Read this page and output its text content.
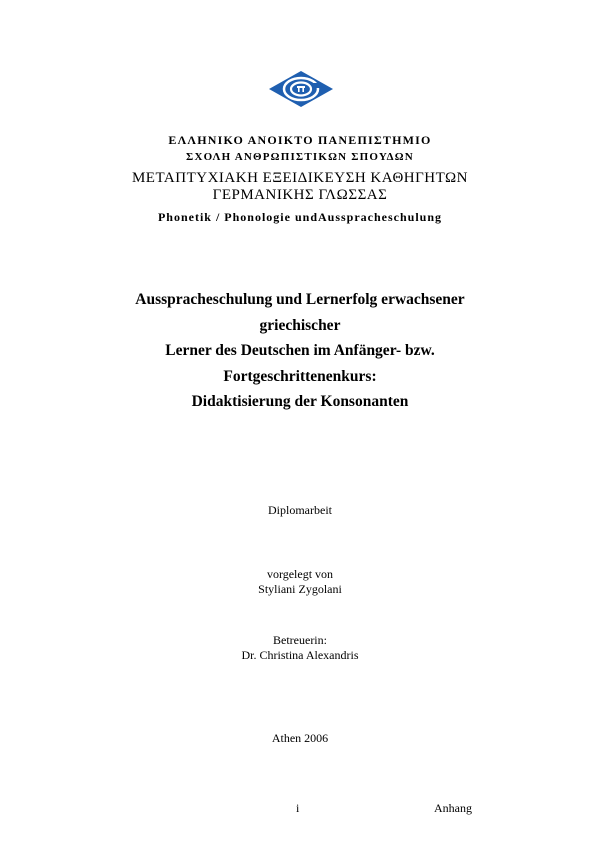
ΕΛΛΗΝΙΚΟ ΑΝΟΙΚΤΟ ΠΑΝΕΠΙΣΤΗΜΙΟ
ΣΧΟΛΗ ΑΝΘΡΩΠΙΣΤΙΚΩΝ ΣΠΟΥΔΩΝ
ΜΕΤΑΠΤΥΧΙΑΚΗ ΕΞΕΙΔΙΚΕΥΣΗ ΚΑΘΗΓΗΤΩΝ
ΓΕΡΜΑΝΙΚΗΣ ΓΛΩΣΣΑΣ
Phonetik / Phonologie undAusspracheschulung
Ausspracheschulung und Lernerfolg erwachsener
griechischer
Lerner des Deutschen im Anfänger- bzw.
Fortgeschrittenenkurs:
Didaktisierung der Konsonanten
Diplomarbeit
vorgelegt von
Styliani Zygolani
Betreuerin:
Dr. Christina Alexandris
Athen 2006
i	Anhang
